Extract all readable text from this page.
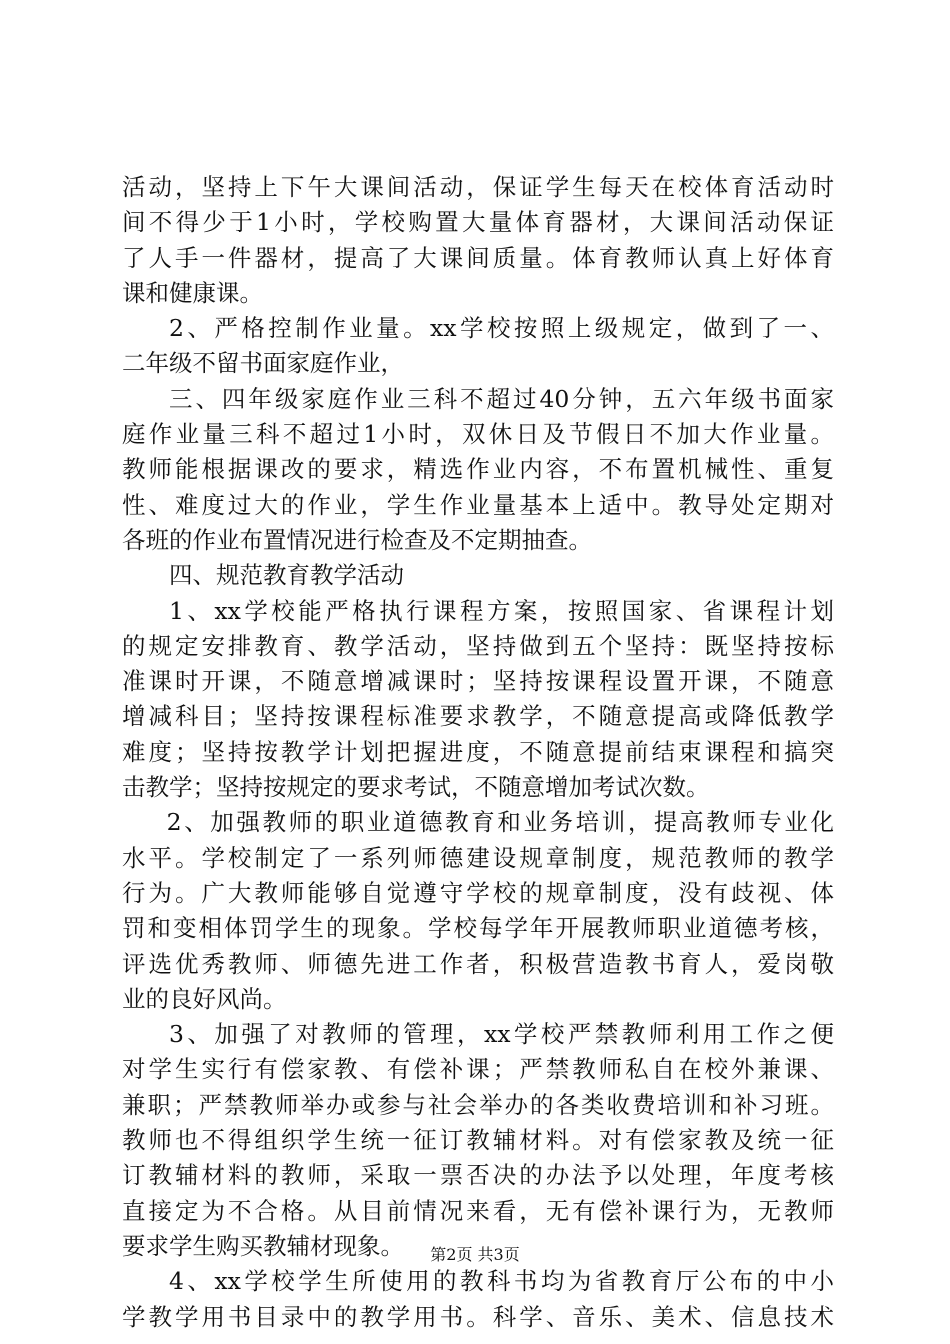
活动，坚持上下午大课间活动，保证学生每天在校体育活动时
间不得少于1小时，学校购置大量体育器材，大课间活动保证
了人手一件器材，提高了大课间质量。体育教师认真上好体育
课和健康课。
2、严格控制作业量。xx学校按照上级规定，做到了一、
二年级不留书面家庭作业，
三、四年级家庭作业三科不超过40分钟，五六年级书面家
庭作业量三科不超过1小时，双休日及节假日不加大作业量。
教师能根据课改的要求，精选作业内容，不布置机械性、重复
性、难度过大的作业，学生作业量基本上适中。教导处定期对
各班的作业布置情况进行检查及不定期抽查。
四、规范教育教学活动
1、xx学校能严格执行课程方案，按照国家、省课程计划
的规定安排教育、教学活动，坚持做到五个坚持：既坚持按标
准课时开课，不随意增减课时；坚持按课程设置开课，不随意
增减科目；坚持按课程标准要求教学，不随意提高或降低教学
难度；坚持按教学计划把握进度，不随意提前结束课程和搞突
击教学；坚持按规定的要求考试，不随意增加考试次数。
2、加强教师的职业道德教育和业务培训，提高教师专业化
水平。学校制定了一系列师德建设规章制度，规范教师的教学
行为。广大教师能够自觉遵守学校的规章制度，没有歧视、体
罚和变相体罚学生的现象。学校每学年开展教师职业道德考核，
评选优秀教师、师德先进工作者，积极营造教书育人，爱岗敬
业的良好风尚。
3、加强了对教师的管理，xx学校严禁教师利用工作之便
对学生实行有偿家教、有偿补课；严禁教师私自在校外兼课、
兼职；严禁教师举办或参与社会举办的各类收费培训和补习班。
教师也不得组织学生统一征订教辅材料。对有偿家教及统一征
订教辅材料的教师，采取一票否决的办法予以处理，年度考核
直接定为不合格。从目前情况来看，无有偿补课行为，无教师
要求学生购买教辅材现象。
4、xx学校学生所使用的教科书均为省教育厅公布的中小
学教学用书目录中的教学用书。科学、音乐、美术、信息技术
第2页 共3页
